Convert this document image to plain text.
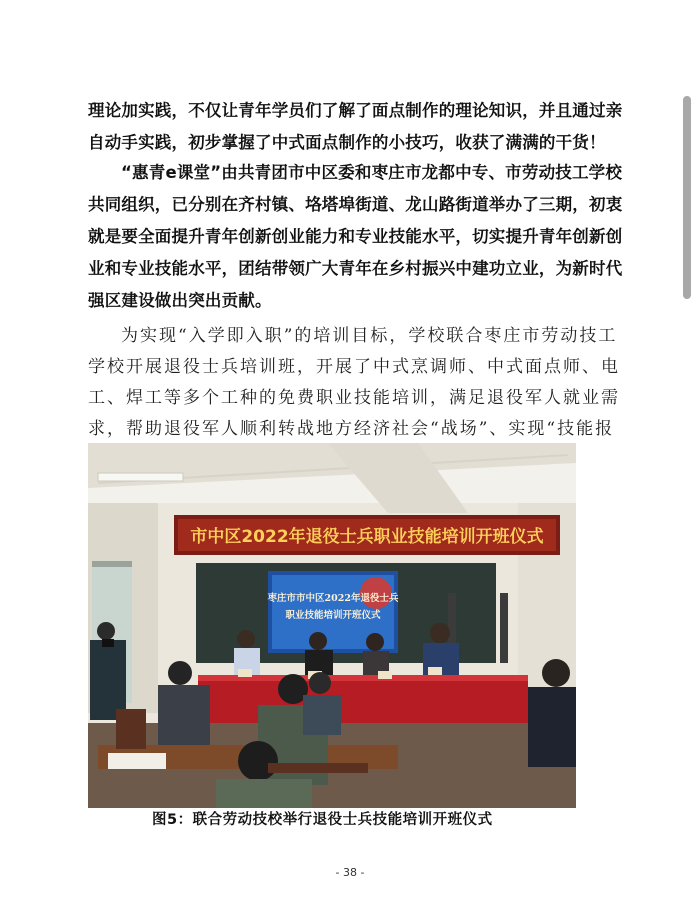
理论加实践，不仅让青年学员们了解了面点制作的理论知识，并且通过亲自动手实践，初步掌握了中式面点制作的小技巧，收获了满满的干货！

“惠青e课堂”由共青团市中区委和枣庄市龙都中专、市劳动技工学校共同组织，已分别在齐村镇、垎塔埠街道、龙山路街道举办了三期，初衷就是要全面提升青年创新创业能力和专业技能水平，切实提升青年创新创业和专业技能水平，团结带领广大青年在乡村振兴中建功立业，为新时代强区建设做出突出贡献。

为实现“入学即入职”的培训目标，学校联合枣庄市劳动技工学校开展退役士兵培训班，开展了中式烹调师、中式面点师、电工、焊工等多个工种的免费职业技能培训，满足退役军人就业需求，帮助退役军人顺利转战地方经济社会“战场”、实现“技能报

市中区2022年退役士兵职业技能培训开班仪式
枣庄市市中区2022年退役士兵
职业技能培训开班仪式
图5：联合劳动技校举行退役士兵技能培训开班仪式
- 38 -
